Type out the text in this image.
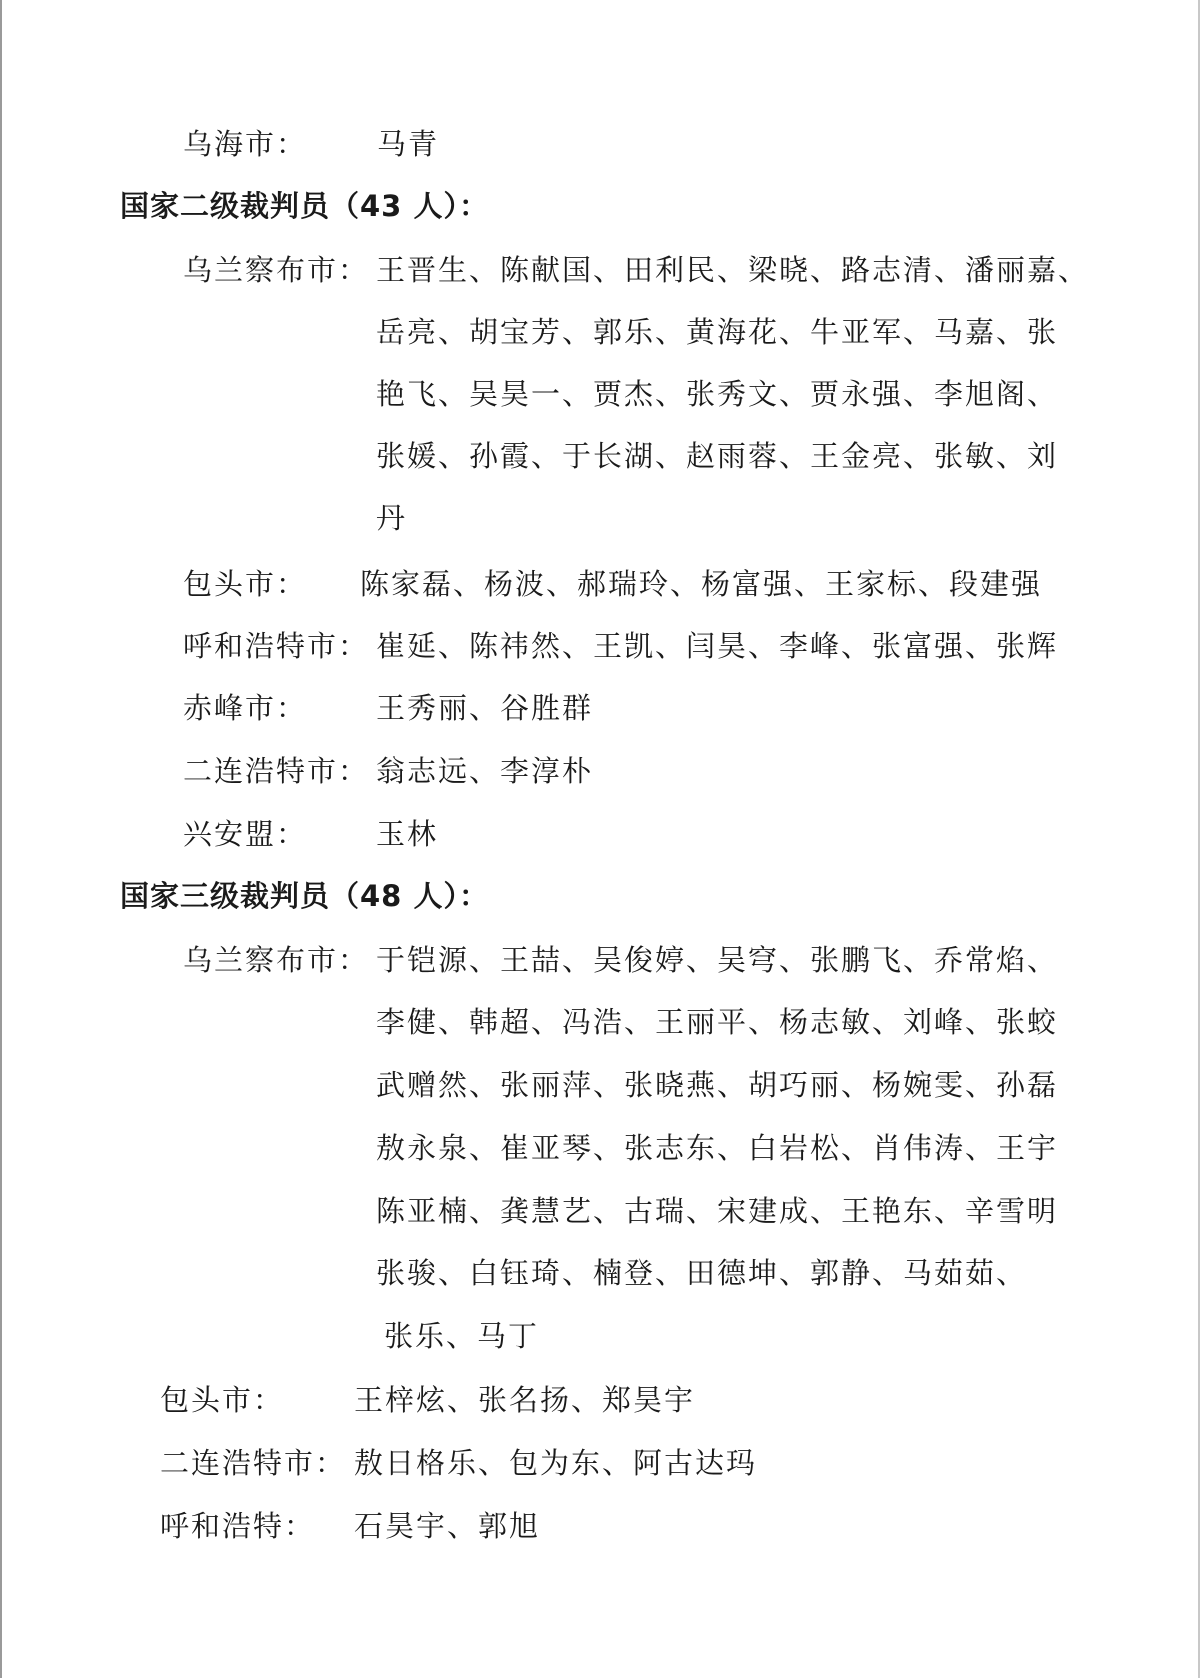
乌海市： 马青
国家二级裁判员（43 人）：
乌兰察布市： 王晋生、陈献国、田利民、梁晓、路志清、潘丽嘉、
岳亮、胡宝芳、郭乐、黄海花、牛亚军、马嘉、张
艳飞、吴昊一、贾杰、张秀文、贾永强、李旭阁、
张媛、孙霞、于长湖、赵雨蓉、王金亮、张敏、刘
丹
包头市： 陈家磊、杨波、郝瑞玲、杨富强、王家标、段建强
呼和浩特市： 崔延、陈祎然、王凯、闫昊、李峰、张富强、张辉
赤峰市： 王秀丽、谷胜群
二连浩特市： 翁志远、李淳朴
兴安盟： 玉林
国家三级裁判员（48 人）：
乌兰察布市： 于铠源、王喆、吴俊婷、吴穹、张鹏飞、乔常焰、
李健、韩超、冯浩、王丽平、杨志敏、刘峰、张蛟
武赠然、张丽萍、张晓燕、胡巧丽、杨婉雯、孙磊
敖永泉、崔亚琴、张志东、白岩松、肖伟涛、王宇
陈亚楠、龚慧艺、古瑞、宋建成、王艳东、辛雪明
张骏、白钰琦、楠登、田德坤、郭静、马茹茹、
张乐、马丁
包头市： 王梓炫、张名扬、郑昊宇
二连浩特市： 敖日格乐、包为东、阿古达玛
呼和浩特： 石昊宇、郭旭
